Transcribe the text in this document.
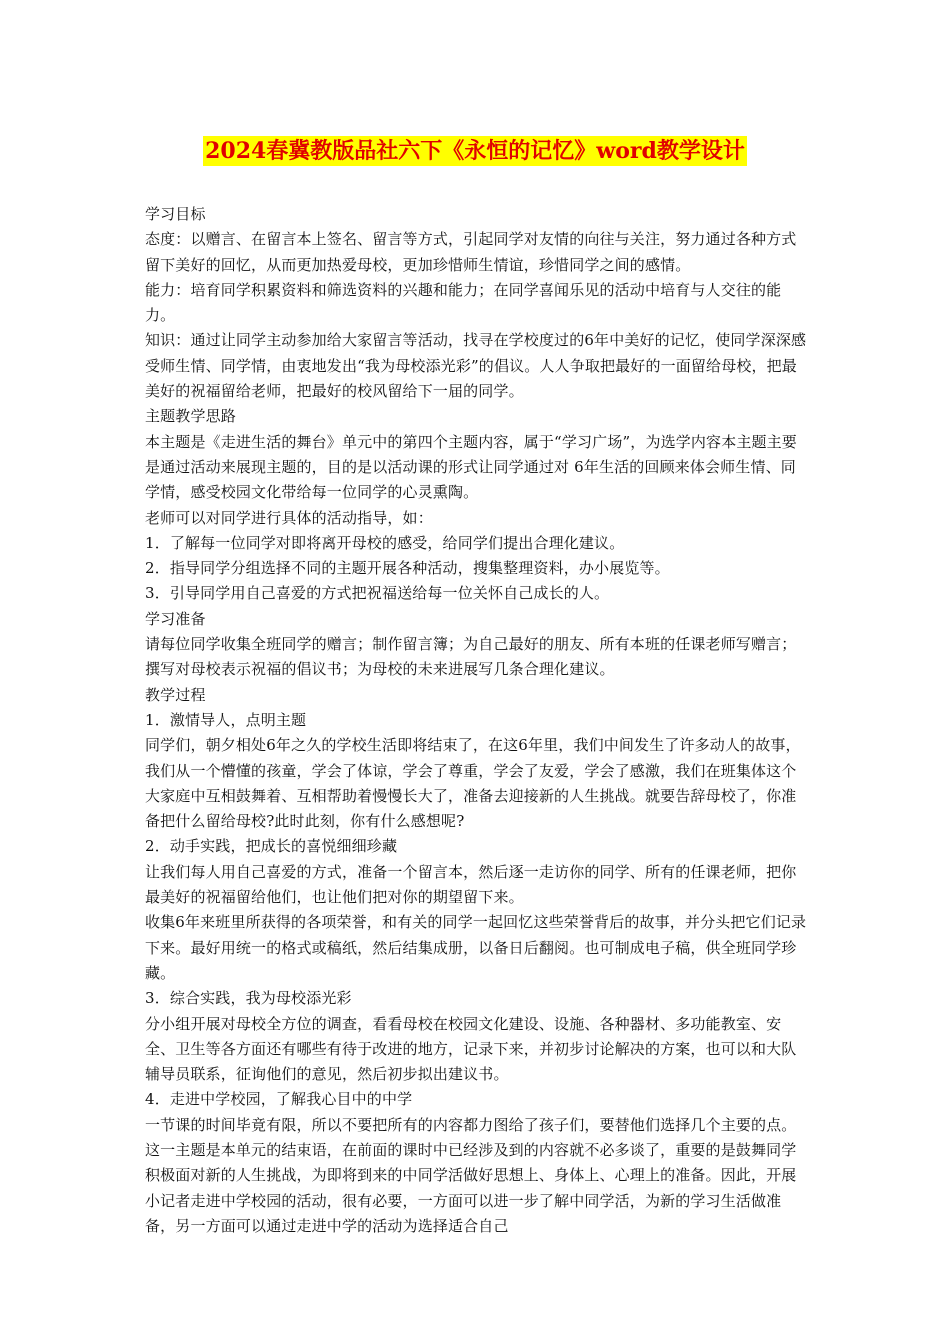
2024春冀教版品社六下《永恒的记忆》word教学设计

学习目标

态度：以赠言、在留言本上签名、留言等方式，引起同学对友情的向往与关注，努力通过各种方式留下美好的回忆，从而更加热爱母校，更加珍惜师生情谊，珍惜同学之间的感情。

能力：培育同学积累资料和筛选资料的兴趣和能力；在同学喜闻乐见的活动中培育与人交往的能力。

知识：通过让同学主动参加给大家留言等活动，找寻在学校度过的6年中美好的记忆，使同学深深感受师生情、同学情，由衷地发出“我为母校添光彩”的倡议。人人争取把最好的一面留给母校，把最美好的祝福留给老师，把最好的校风留给下一届的同学。

主题教学思路

本主题是《走进生活的舞台》单元中的第四个主题内容，属于“学习广场”，为选学内容本主题主要是通过活动来展现主题的，目的是以活动课的形式让同学通过对 6年生活的回顾来体会师生情、同学情，感受校园文化带给每一位同学的心灵熏陶。

老师可以对同学进行具体的活动指导，如：

1．了解每一位同学对即将离开母校的感受，给同学们提出合理化建议。

2．指导同学分组选择不同的主题开展各种活动，搜集整理资料，办小展览等。

3．引导同学用自己喜爱的方式把祝福送给每一位关怀自己成长的人。

学习准备

请每位同学收集全班同学的赠言；制作留言簿；为自己最好的朋友、所有本班的任课老师写赠言；撰写对母校表示祝福的倡议书；为母校的未来进展写几条合理化建议。

教学过程

1．激情导人，点明主题

同学们，朝夕相处6年之久的学校生活即将结束了，在这6年里，我们中间发生了许多动人的故事，我们从一个懵懂的孩童，学会了体谅，学会了尊重，学会了友爱，学会了感激，我们在班集体这个大家庭中互相鼓舞着、互相帮助着慢慢长大了，准备去迎接新的人生挑战。就要告辞母校了，你准备把什么留给母校?此时此刻，你有什么感想呢?

2．动手实践，把成长的喜悦细细珍藏

让我们每人用自己喜爱的方式，准备一个留言本，然后逐一走访你的同学、所有的任课老师，把你最美好的祝福留给他们，也让他们把对你的期望留下来。

收集6年来班里所获得的各项荣誉，和有关的同学一起回忆这些荣誉背后的故事，并分头把它们记录下来。最好用统一的格式或稿纸，然后结集成册，以备日后翻阅。也可制成电子稿，供全班同学珍藏。

3．综合实践，我为母校添光彩

分小组开展对母校全方位的调查，看看母校在校园文化建设、设施、各种器材、多功能教室、安全、卫生等各方面还有哪些有待于改进的地方，记录下来，并初步讨论解决的方案，也可以和大队辅导员联系，征询他们的意见，然后初步拟出建议书。

4．走进中学校园，了解我心目中的中学

一节课的时间毕竟有限，所以不要把所有的内容都力图给了孩子们，要替他们选择几个主要的点。这一主题是本单元的结束语，在前面的课时中已经涉及到的内容就不必多谈了，重要的是鼓舞同学积极面对新的人生挑战，为即将到来的中同学活做好思想上、身体上、心理上的准备。因此，开展小记者走进中学校园的活动，很有必要，一方面可以进一步了解中同学活，为新的学习生活做准备，另一方面可以通过走进中学的活动为选择适合自己
